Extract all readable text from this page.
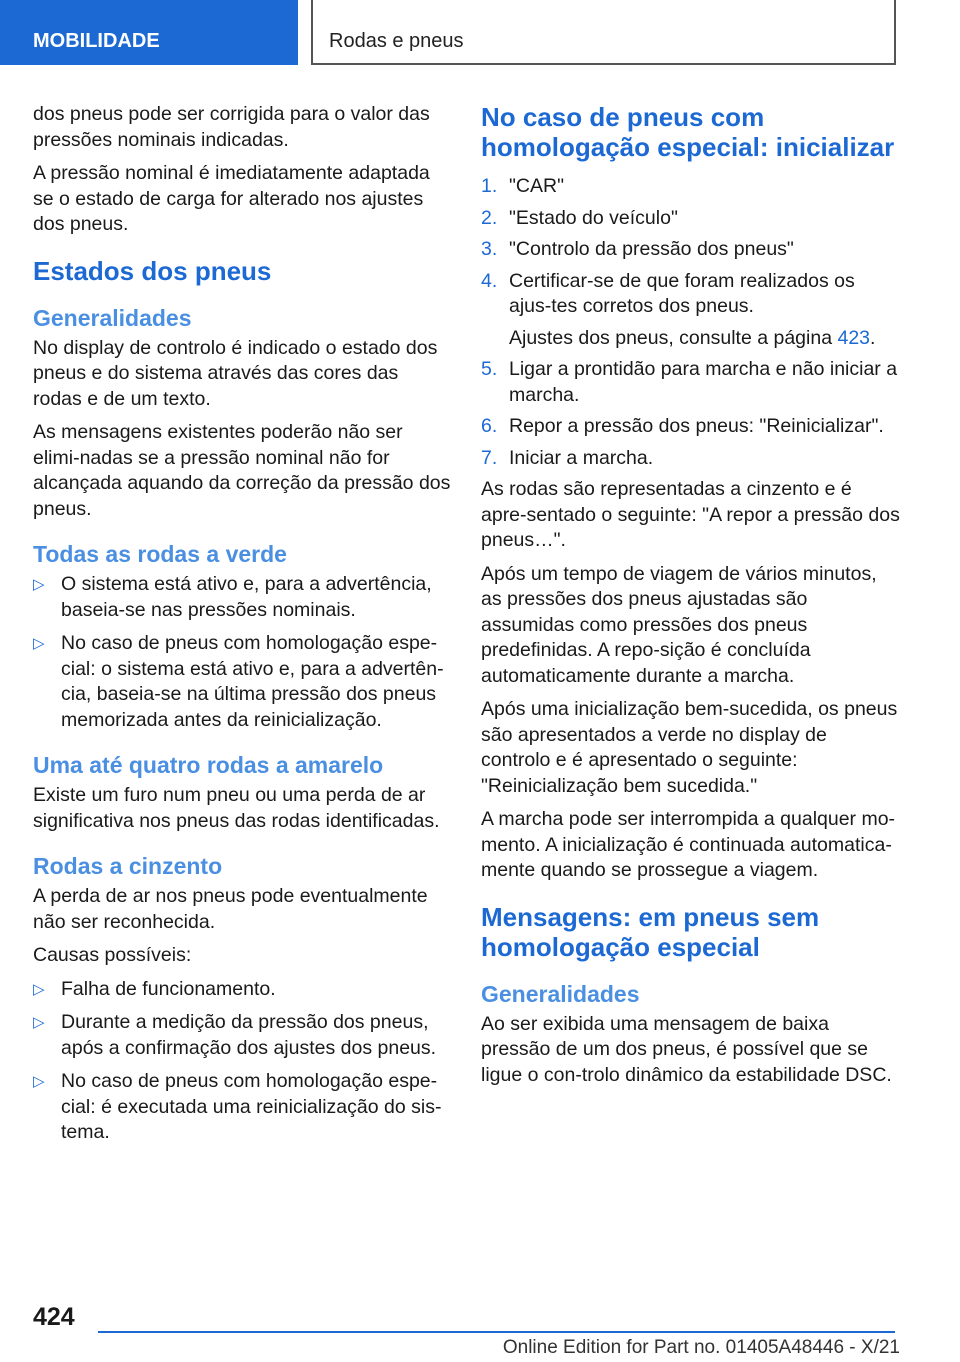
MOBILIDADE	Rodas e pneus

dos pneus pode ser corrigida para o valor das pressões nominais indicadas.

A pressão nominal é imediatamente adaptada se o estado de carga for alterado nos ajustes dos pneus.

Estados dos pneus
Generalidades

No display de controlo é indicado o estado dos pneus e do sistema através das cores das rodas e de um texto.

As mensagens existentes poderão não ser elimi-nadas se a pressão nominal não for alcançada aquando da correção da pressão dos pneus.

Todas as rodas a verde
▷ O sistema está ativo e, para a advertência, baseia-se nas pressões nominais.
▷ No caso de pneus com homologação espe-cial: o sistema está ativo e, para a advertên-cia, baseia-se na última pressão dos pneus memorizada antes da reinicialização.
Uma até quatro rodas a amarelo

Existe um furo num pneu ou uma perda de ar significativa nos pneus das rodas identificadas.

Rodas a cinzento

A perda de ar nos pneus pode eventualmente não ser reconhecida.

Causas possíveis:

▷ Falha de funcionamento.
▷ Durante a medição da pressão dos pneus, após a confirmação dos ajustes dos pneus.
▷ No caso de pneus com homologação espe-cial: é executada uma reinicialização do sis-tema.
No caso de pneus com homologação especial: inicializar
1. "CAR"
2. "Estado do veículo"
3. "Controlo da pressão dos pneus"
4. Certificar-se de que foram realizados os ajus-tes corretos dos pneus.
Ajustes dos pneus, consulte a página 423.
5. Ligar a prontidão para marcha e não iniciar a marcha.
6. Repor a pressão dos pneus: "Reinicializar".
7. Iniciar a marcha.

As rodas são representadas a cinzento e é apre-sentado o seguinte: "A repor a pressão dos pneus…".

Após um tempo de viagem de vários minutos, as pressões dos pneus ajustadas são assumidas como pressões dos pneus predefinidas. A repo-sição é concluída automaticamente durante a marcha.

Após uma inicialização bem-sucedida, os pneus são apresentados a verde no display de controlo e é apresentado o seguinte: "Reinicialização bem sucedida."

A marcha pode ser interrompida a qualquer mo-mento. A inicialização é continuada automatica-mente quando se prossegue a viagem.

Mensagens: em pneus sem homologação especial
Generalidades

Ao ser exibida uma mensagem de baixa pressão de um dos pneus, é possível que se ligue o con-trolo dinâmico da estabilidade DSC.

424
Online Edition for Part no. 01405A48446 - X/21
